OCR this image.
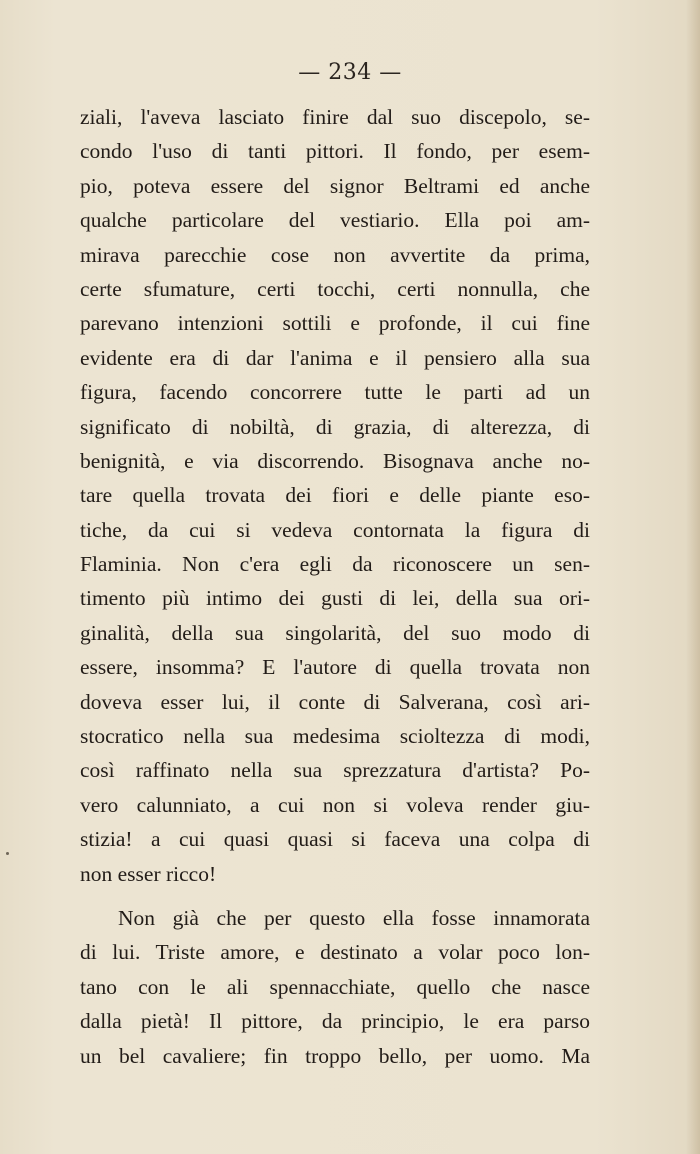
— 234 —
ziali, l'aveva lasciato finire dal suo discepolo, se-
condo l'uso di tanti pittori. Il fondo, per esem-
pio, poteva essere del signor Beltrami ed anche
qualche particolare del vestiario. Ella poi am-
mirava parecchie cose non avvertite da prima,
certe sfumature, certi tocchi, certi nonnulla, che
parevano intenzioni sottili e profonde, il cui fine
evidente era di dar l'anima e il pensiero alla sua
figura, facendo concorrere tutte le parti ad un
significato di nobiltà, di grazia, di alterezza, di
benignità, e via discorrendo. Bisognava anche no-
tare quella trovata dei fiori e delle piante eso-
tiche, da cui si vedeva contornata la figura di
Flaminia. Non c'era egli da riconoscere un sen-
timento più intimo dei gusti di lei, della sua ori-
ginalità, della sua singolarità, del suo modo di
essere, insomma? E l'autore di quella trovata non
doveva esser lui, il conte di Salverana, così ari-
stocratico nella sua medesima scioltezza di modi,
così raffinato nella sua sprezzatura d'artista? Po-
vero calunniato, a cui non si voleva render giu-
stizia! a cui quasi quasi si faceva una colpa di
non esser ricco!
Non già che per questo ella fosse innamorata
di lui. Triste amore, e destinato a volar poco lon-
tano con le ali spennacchiate, quello che nasce
dalla pietà! Il pittore, da principio, le era parso
un bel cavaliere; fin troppo bello, per uomo. Ma
